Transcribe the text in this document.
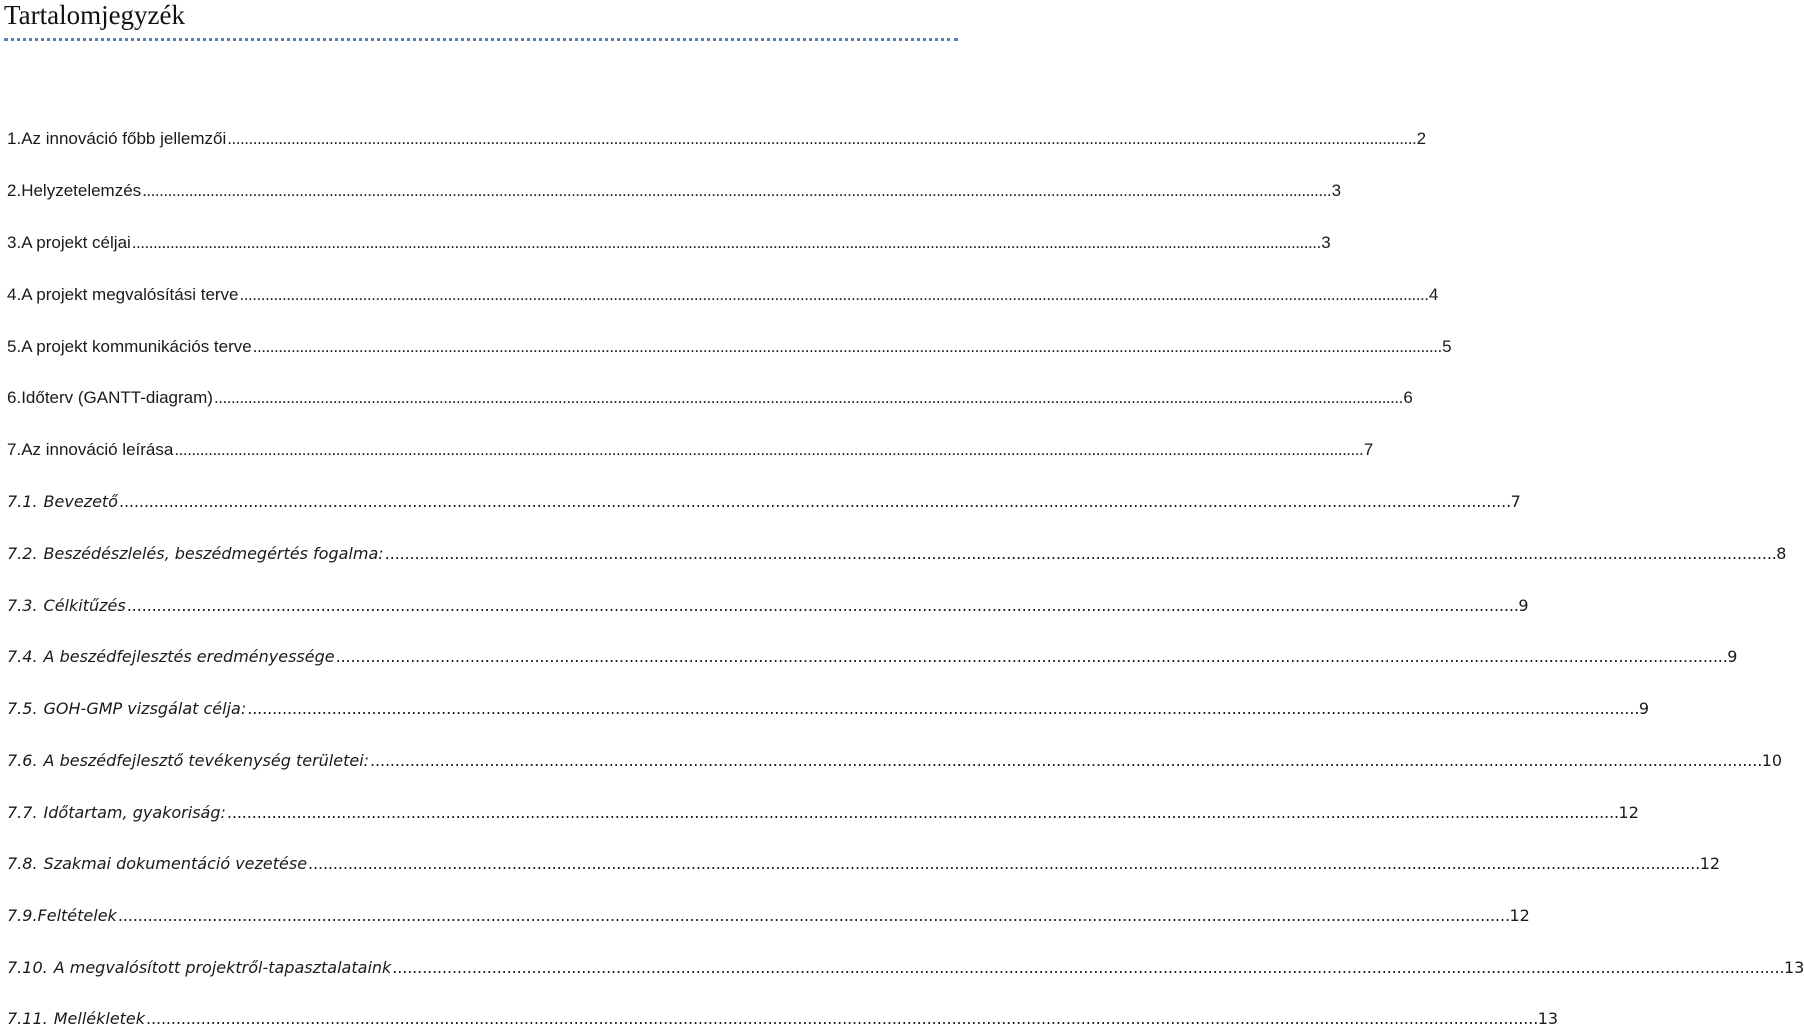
Tartalomjegyzék
1. Az innováció főbb jellemzői . . .	2
2. Helyzetelemzés . . .	3
3. A projekt céljai . . .	3
4. A projekt megvalósítási terve . . .	4
5. A projekt kommunikációs terve . . .	5
6. Időterv (GANTT-diagram) . . .	6
7. Az innováció leírása . . .	7
7.1. Bevezető . . .	7
7.2. Beszédészlelés, beszédmegértés fogalma: . . .	8
7.3. Célkitűzés . . .	9
7.4. A beszédfejlesztés eredményessége . . .	9
7.5. GOH-GMP vizsgálat célja: . . .	9
7.6. A beszédfejlesztő tevékenység területei: . . .	10
7.7. Időtartam, gyakoriság: . . .	12
7.8. Szakmai dokumentáció vezetése . . .	12
7.9. Feltételek . . .	12
7.10. A megvalósított projektről-tapasztalataink . . .	13
7.11. Mellékletek . . .	13
